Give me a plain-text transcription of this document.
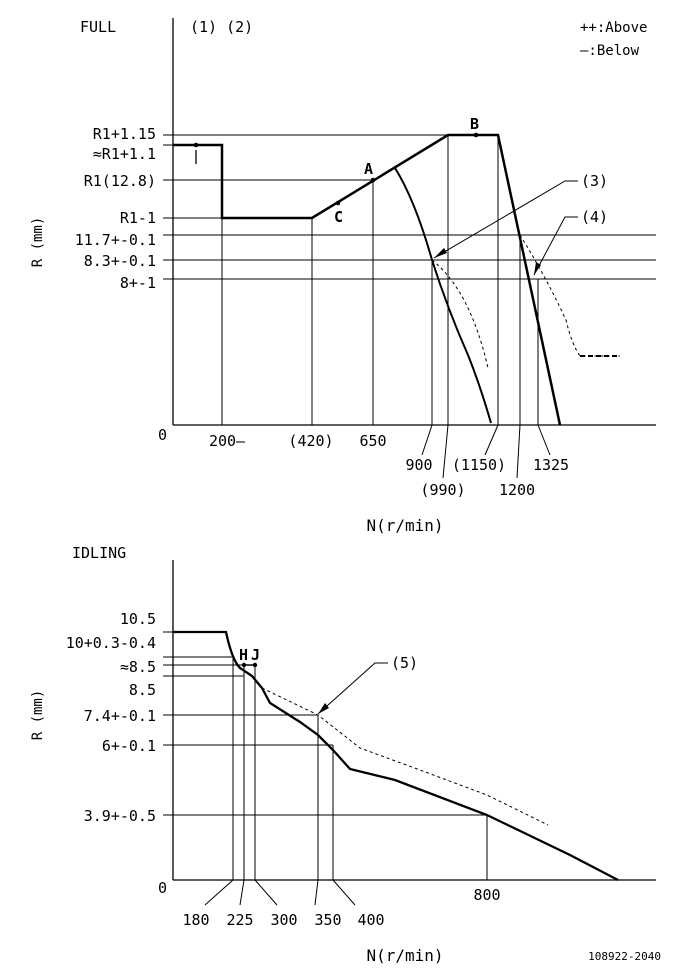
FULL	(1) (2)	++:Above
—:Below
0
R (mm)
N(r/min)
R1+1.15
≈R1+1.1
R1(12.8)
R1-1
11.7+-0.1
8.3+-0.1
8+-1
200—	(420) 650
900
(990)
(1150)
1200
1325
A
B
C
(3)
(4)
IDLING
0
R (mm)
N(r/min)
10.5
10+0.3-0.4
≈8.5
8.5
7.4+-0.1
6+-0.1
3.9+-0.5
180 225 300 350 400
800
H J	(5)
108922-2040
